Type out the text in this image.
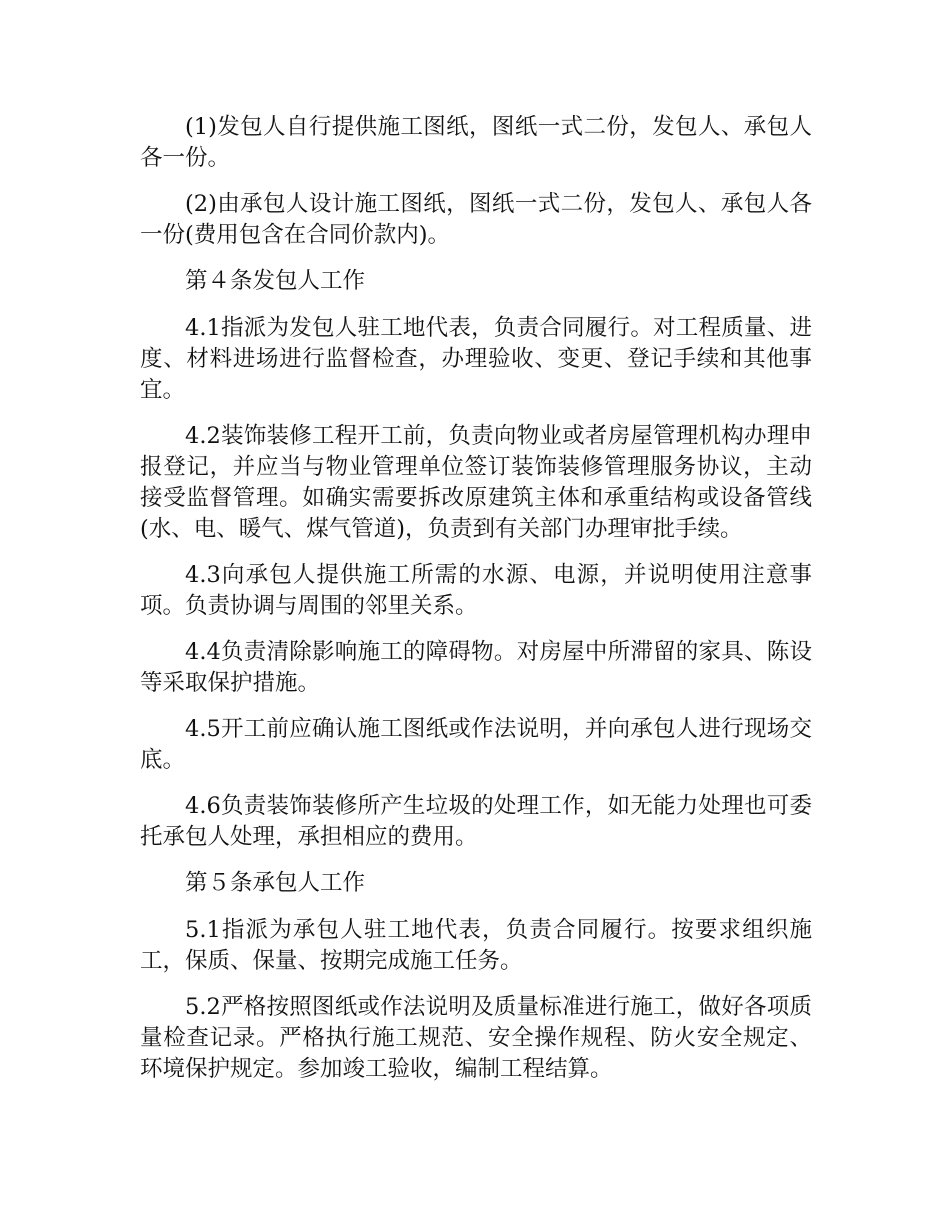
(1)发包人自行提供施工图纸，图纸一式二份，发包人、承包人各一份。

(2)由承包人设计施工图纸，图纸一式二份，发包人、承包人各一份(费用包含在合同价款内)。

第４条发包人工作

4.1指派为发包人驻工地代表，负责合同履行。对工程质量、进度、材料进场进行监督检查，办理验收、变更、登记手续和其他事宜。

4.2装饰装修工程开工前，负责向物业或者房屋管理机构办理申报登记，并应当与物业管理单位签订装饰装修管理服务协议，主动接受监督管理。如确实需要拆改原建筑主体和承重结构或设备管线(水、电、暖气、煤气管道)，负责到有关部门办理审批手续。

4.3向承包人提供施工所需的水源、电源，并说明使用注意事项。负责协调与周围的邻里关系。

4.4负责清除影响施工的障碍物。对房屋中所滞留的家具、陈设等采取保护措施。

4.5开工前应确认施工图纸或作法说明，并向承包人进行现场交底。

4.6负责装饰装修所产生垃圾的处理工作，如无能力处理也可委托承包人处理，承担相应的费用。

第５条承包人工作

5.1指派为承包人驻工地代表，负责合同履行。按要求组织施工，保质、保量、按期完成施工任务。

5.2严格按照图纸或作法说明及质量标准进行施工，做好各项质量检查记录。严格执行施工规范、安全操作规程、防火安全规定、环境保护规定。参加竣工验收，编制工程结算。
